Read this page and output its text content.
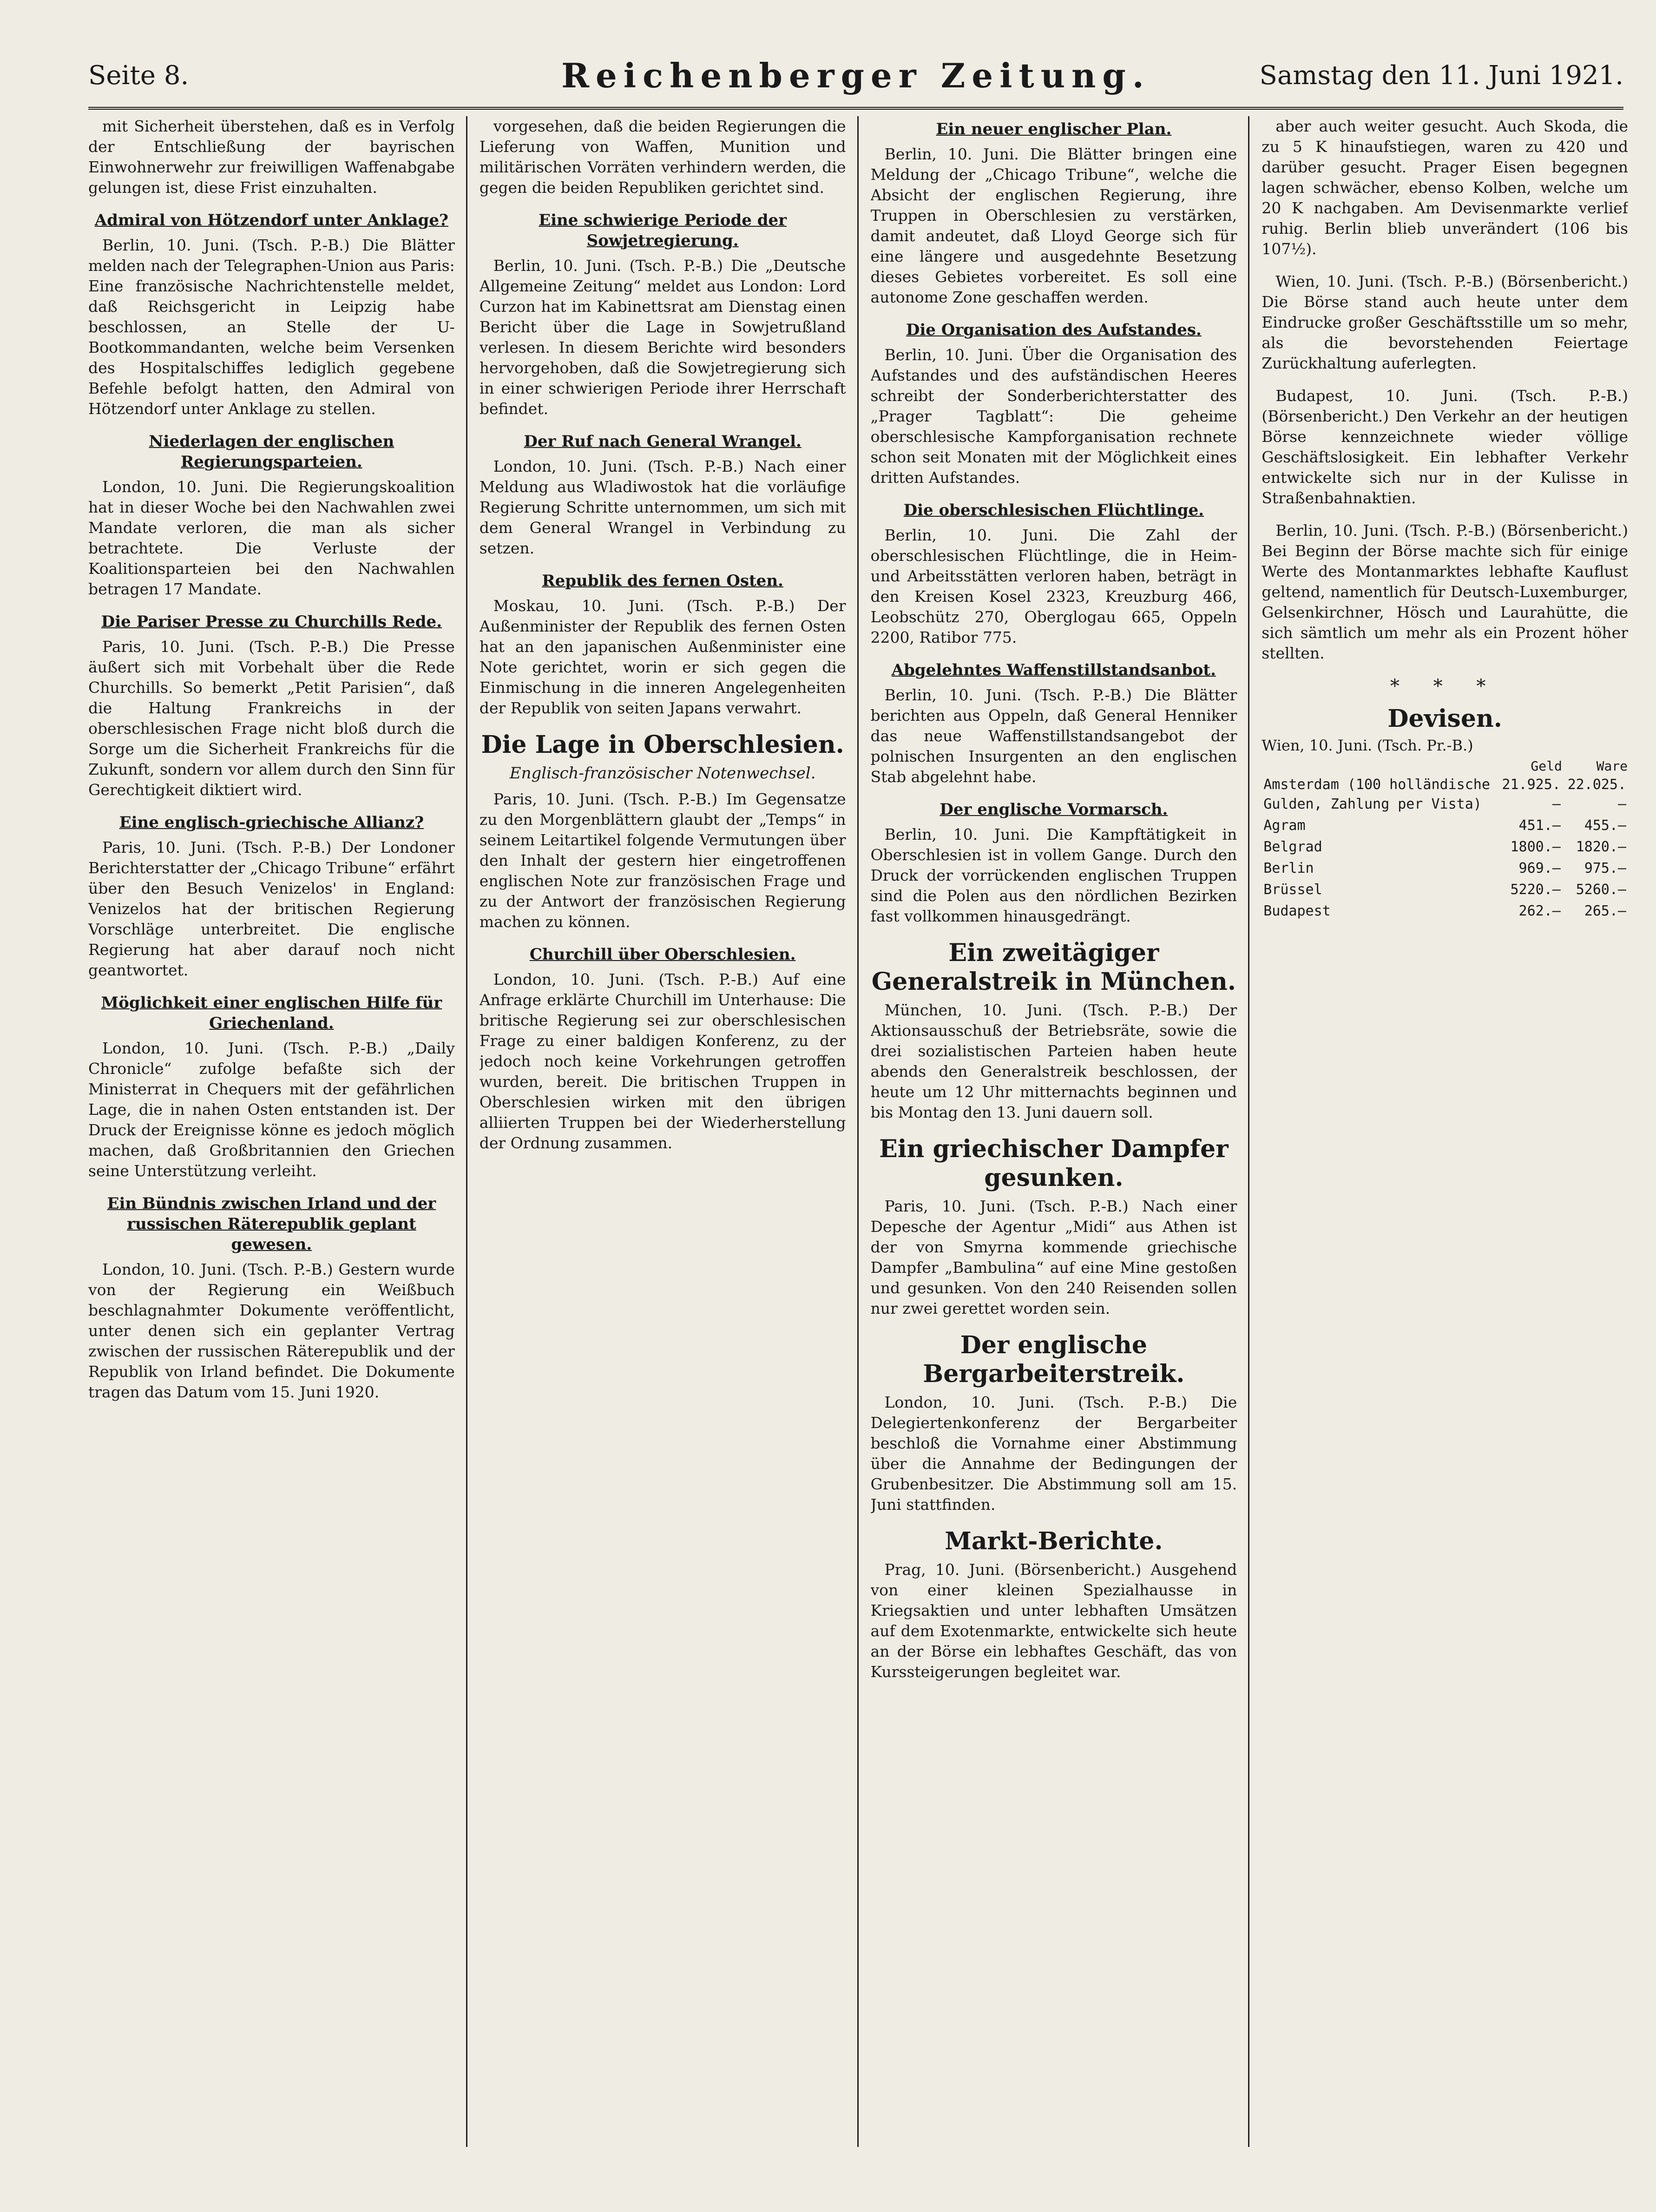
Seite 8.	Reichenberger Zeitung.	Samstag den 11. Juni 1921.

mit Sicherheit überstehen, daß es in Verfolg der Entschließung der bayrischen Einwohnerwehr zur freiwilligen Waffenabgabe gelungen ist, diese Frist einzuhalten.

Admiral von Hötzendorf unter Anklage?

Berlin, 10. Juni. (Tsch. P.-B.) Die Blätter melden nach der Telegraphen-Union aus Paris: Eine französische Nachrichtenstelle meldet, daß Reichsgericht in Leipzig habe beschlossen, an Stelle der U-Bootkommandanten, welche beim Versenken des Hospitalschiffes lediglich gegebene Befehle befolgt hatten, den Admiral von Hötzendorf unter Anklage zu stellen.

Niederlagen der englischen Regierungsparteien.

London, 10. Juni. Die Regierungskoalition hat in dieser Woche bei den Nachwahlen zwei Mandate verloren, die man als sicher betrachtete. Die Verluste der Koalitionsparteien bei den Nachwahlen betragen 17 Mandate.

Die Pariser Presse zu Churchills Rede.

Paris, 10. Juni. (Tsch. P.-B.) Die Presse äußert sich mit Vorbehalt über die Rede Churchills. So bemerkt „Petit Parisien“, daß die Haltung Frankreichs in der oberschlesischen Frage nicht bloß durch die Sorge um die Sicherheit Frankreichs für die Zukunft, sondern vor allem durch den Sinn für Gerechtigkeit diktiert wird.

Eine englisch-griechische Allianz?

Paris, 10. Juni. (Tsch. P.-B.) Der Londoner Berichterstatter der „Chicago Tribune“ erfährt über den Besuch Venizelos' in England: Venizelos hat der britischen Regierung Vorschläge unterbreitet. Die englische Regierung hat aber darauf noch nicht geantwortet.

Möglichkeit einer englischen Hilfe für Griechenland.

London, 10. Juni. (Tsch. P.-B.) „Daily Chronicle“ zufolge befaßte sich der Ministerrat in Chequers mit der gefährlichen Lage, die in nahen Osten entstanden ist. Der Druck der Ereignisse könne es jedoch möglich machen, daß Großbritannien den Griechen seine Unterstützung verleiht.

Ein Bündnis zwischen Irland und der russischen Räterepublik geplant gewesen.

London, 10. Juni. (Tsch. P.-B.) Gestern wurde von der Regierung ein Weißbuch beschlagnahmter Dokumente veröffentlicht, unter denen sich ein geplanter Vertrag zwischen der russischen Räterepublik und der Republik von Irland befindet. Die Dokumente tragen das Datum vom 15. Juni 1920.

vorgesehen, daß die beiden Regierungen die Lieferung von Waffen, Munition und militärischen Vorräten verhindern werden, die gegen die beiden Republiken gerichtet sind.

Eine schwierige Periode der Sowjetregierung.

Berlin, 10. Juni. (Tsch. P.-B.) Die „Deutsche Allgemeine Zeitung“ meldet aus London: Lord Curzon hat im Kabinettsrat am Dienstag einen Bericht über die Lage in Sowjetrußland verlesen. In diesem Berichte wird besonders hervorgehoben, daß die Sowjetregierung sich in einer schwierigen Periode ihrer Herrschaft befindet.

Der Ruf nach General Wrangel.

London, 10. Juni. (Tsch. P.-B.) Nach einer Meldung aus Wladiwostok hat die vorläufige Regierung Schritte unternommen, um sich mit dem General Wrangel in Verbindung zu setzen.

Republik des fernen Osten.

Moskau, 10. Juni. (Tsch. P.-B.) Der Außenminister der Republik des fernen Osten hat an den japanischen Außenminister eine Note gerichtet, worin er sich gegen die Einmischung in die inneren Angelegenheiten der Republik von seiten Japans verwahrt.

Die Lage in Oberschlesien.
Englisch-französischer Notenwechsel.

Paris, 10. Juni. (Tsch. P.-B.) Im Gegensatze zu den Morgenblättern glaubt der „Temps“ in seinem Leitartikel folgende Vermutungen über den Inhalt der gestern hier eingetroffenen englischen Note zur französischen Frage und zu der Antwort der französischen Regierung machen zu können.

Churchill über Oberschlesien.

London, 10. Juni. (Tsch. P.-B.) Auf eine Anfrage erklärte Churchill im Unterhause: Die britische Regierung sei zur oberschlesischen Frage zu einer baldigen Konferenz, zu der jedoch noch keine Vorkehrungen getroffen wurden, bereit. Die britischen Truppen in Oberschlesien wirken mit den übrigen alliierten Truppen bei der Wiederherstellung der Ordnung zusammen.

Ein neuer englischer Plan.

Berlin, 10. Juni. Die Blätter bringen eine Meldung der „Chicago Tribune“, welche die Absicht der englischen Regierung, ihre Truppen in Oberschlesien zu verstärken, damit andeutet, daß Lloyd George sich für eine längere und ausgedehnte Besetzung dieses Gebietes vorbereitet. Es soll eine autonome Zone geschaffen werden.

Die Organisation des Aufstandes.

Berlin, 10. Juni. Über die Organisation des Aufstandes und des aufständischen Heeres schreibt der Sonderberichterstatter des „Prager Tagblatt“: Die geheime oberschlesische Kampforganisation rechnete schon seit Monaten mit der Möglichkeit eines dritten Aufstandes.

Die oberschlesischen Flüchtlinge.

Berlin, 10. Juni. Die Zahl der oberschlesischen Flüchtlinge, die in Heim- und Arbeitsstätten verloren haben, beträgt in den Kreisen Kosel 2323, Kreuzburg 466, Leobschütz 270, Oberglogau 665, Oppeln 2200, Ratibor 775.

Abgelehntes Waffenstillstandsanbot.

Berlin, 10. Juni. (Tsch. P.-B.) Die Blätter berichten aus Oppeln, daß General Henniker das neue Waffenstillstandsangebot der polnischen Insurgenten an den englischen Stab abgelehnt habe.

Der englische Vormarsch.

Berlin, 10. Juni. Die Kampftätigkeit in Oberschlesien ist in vollem Gange. Durch den Druck der vorrückenden englischen Truppen sind die Polen aus den nördlichen Bezirken fast vollkommen hinausgedrängt.

Ein zweitägiger Generalstreik in München.

München, 10. Juni. (Tsch. P.-B.) Der Aktionsausschuß der Betriebsräte, sowie die drei sozialistischen Parteien haben heute abends den Generalstreik beschlossen, der heute um 12 Uhr mitternachts beginnen und bis Montag den 13. Juni dauern soll.

Ein griechischer Dampfer gesunken.

Paris, 10. Juni. (Tsch. P.-B.) Nach einer Depesche der Agentur „Midi“ aus Athen ist der von Smyrna kommende griechische Dampfer „Bambulina“ auf eine Mine gestoßen und gesunken. Von den 240 Reisenden sollen nur zwei gerettet worden sein.

Der englische Bergarbeiterstreik.

London, 10. Juni. (Tsch. P.-B.) Die Delegiertenkonferenz der Bergarbeiter beschloß die Vornahme einer Abstimmung über die Annahme der Bedingungen der Grubenbesitzer. Die Abstimmung soll am 15. Juni stattfinden.

Markt-Berichte.

Prag, 10. Juni. (Börsenbericht.) Ausgehend von einer kleinen Spezialhausse in Kriegsaktien und unter lebhaften Umsätzen auf dem Exotenmarkte, entwickelte sich heute an der Börse ein lebhaftes Geschäft, das von Kurssteigerungen begleitet war.

aber auch weiter gesucht. Auch Skoda, die zu 5 K hinaufstiegen, waren zu 420 und darüber gesucht. Prager Eisen begegnen lagen schwächer, ebenso Kolben, welche um 20 K nachgaben. Am Devisenmarkte verlief ruhig. Berlin blieb unverändert (106 bis 107½).

Wien, 10. Juni. (Tsch. P.-B.) (Börsenbericht.) Die Börse stand auch heute unter dem Eindrucke großer Geschäftsstille um so mehr, als die bevorstehenden Feiertage Zurückhaltung auferlegten.

Budapest, 10. Juni. (Tsch. P.-B.) (Börsenbericht.) Den Verkehr an der heutigen Börse kennzeichnete wieder völlige Geschäftslosigkeit. Ein lebhafter Verkehr entwickelte sich nur in der Kulisse in Straßenbahnaktien.

Berlin, 10. Juni. (Tsch. P.-B.) (Börsenbericht.) Bei Beginn der Börse machte sich für einige Werte des Montanmarktes lebhafte Kauflust geltend, namentlich für Deutsch-Luxemburger, Gelsenkirchner, Hösch und Laurahütte, die sich sämtlich um mehr als ein Prozent höher stellten.

* * *
Devisen.
Wien, 10. Juni. (Tsch. Pr.-B.)
	Geld	Ware
Amsterdam (100 holländische Gulden, Zahlung per Vista)	21.925.—	22.025.—
Agram	451.—	455.—
Belgrad	1800.—	1820.—
Berlin	969.—	975.—
Brüssel	5220.—	5260.—
Budapest	262.—	265.—
